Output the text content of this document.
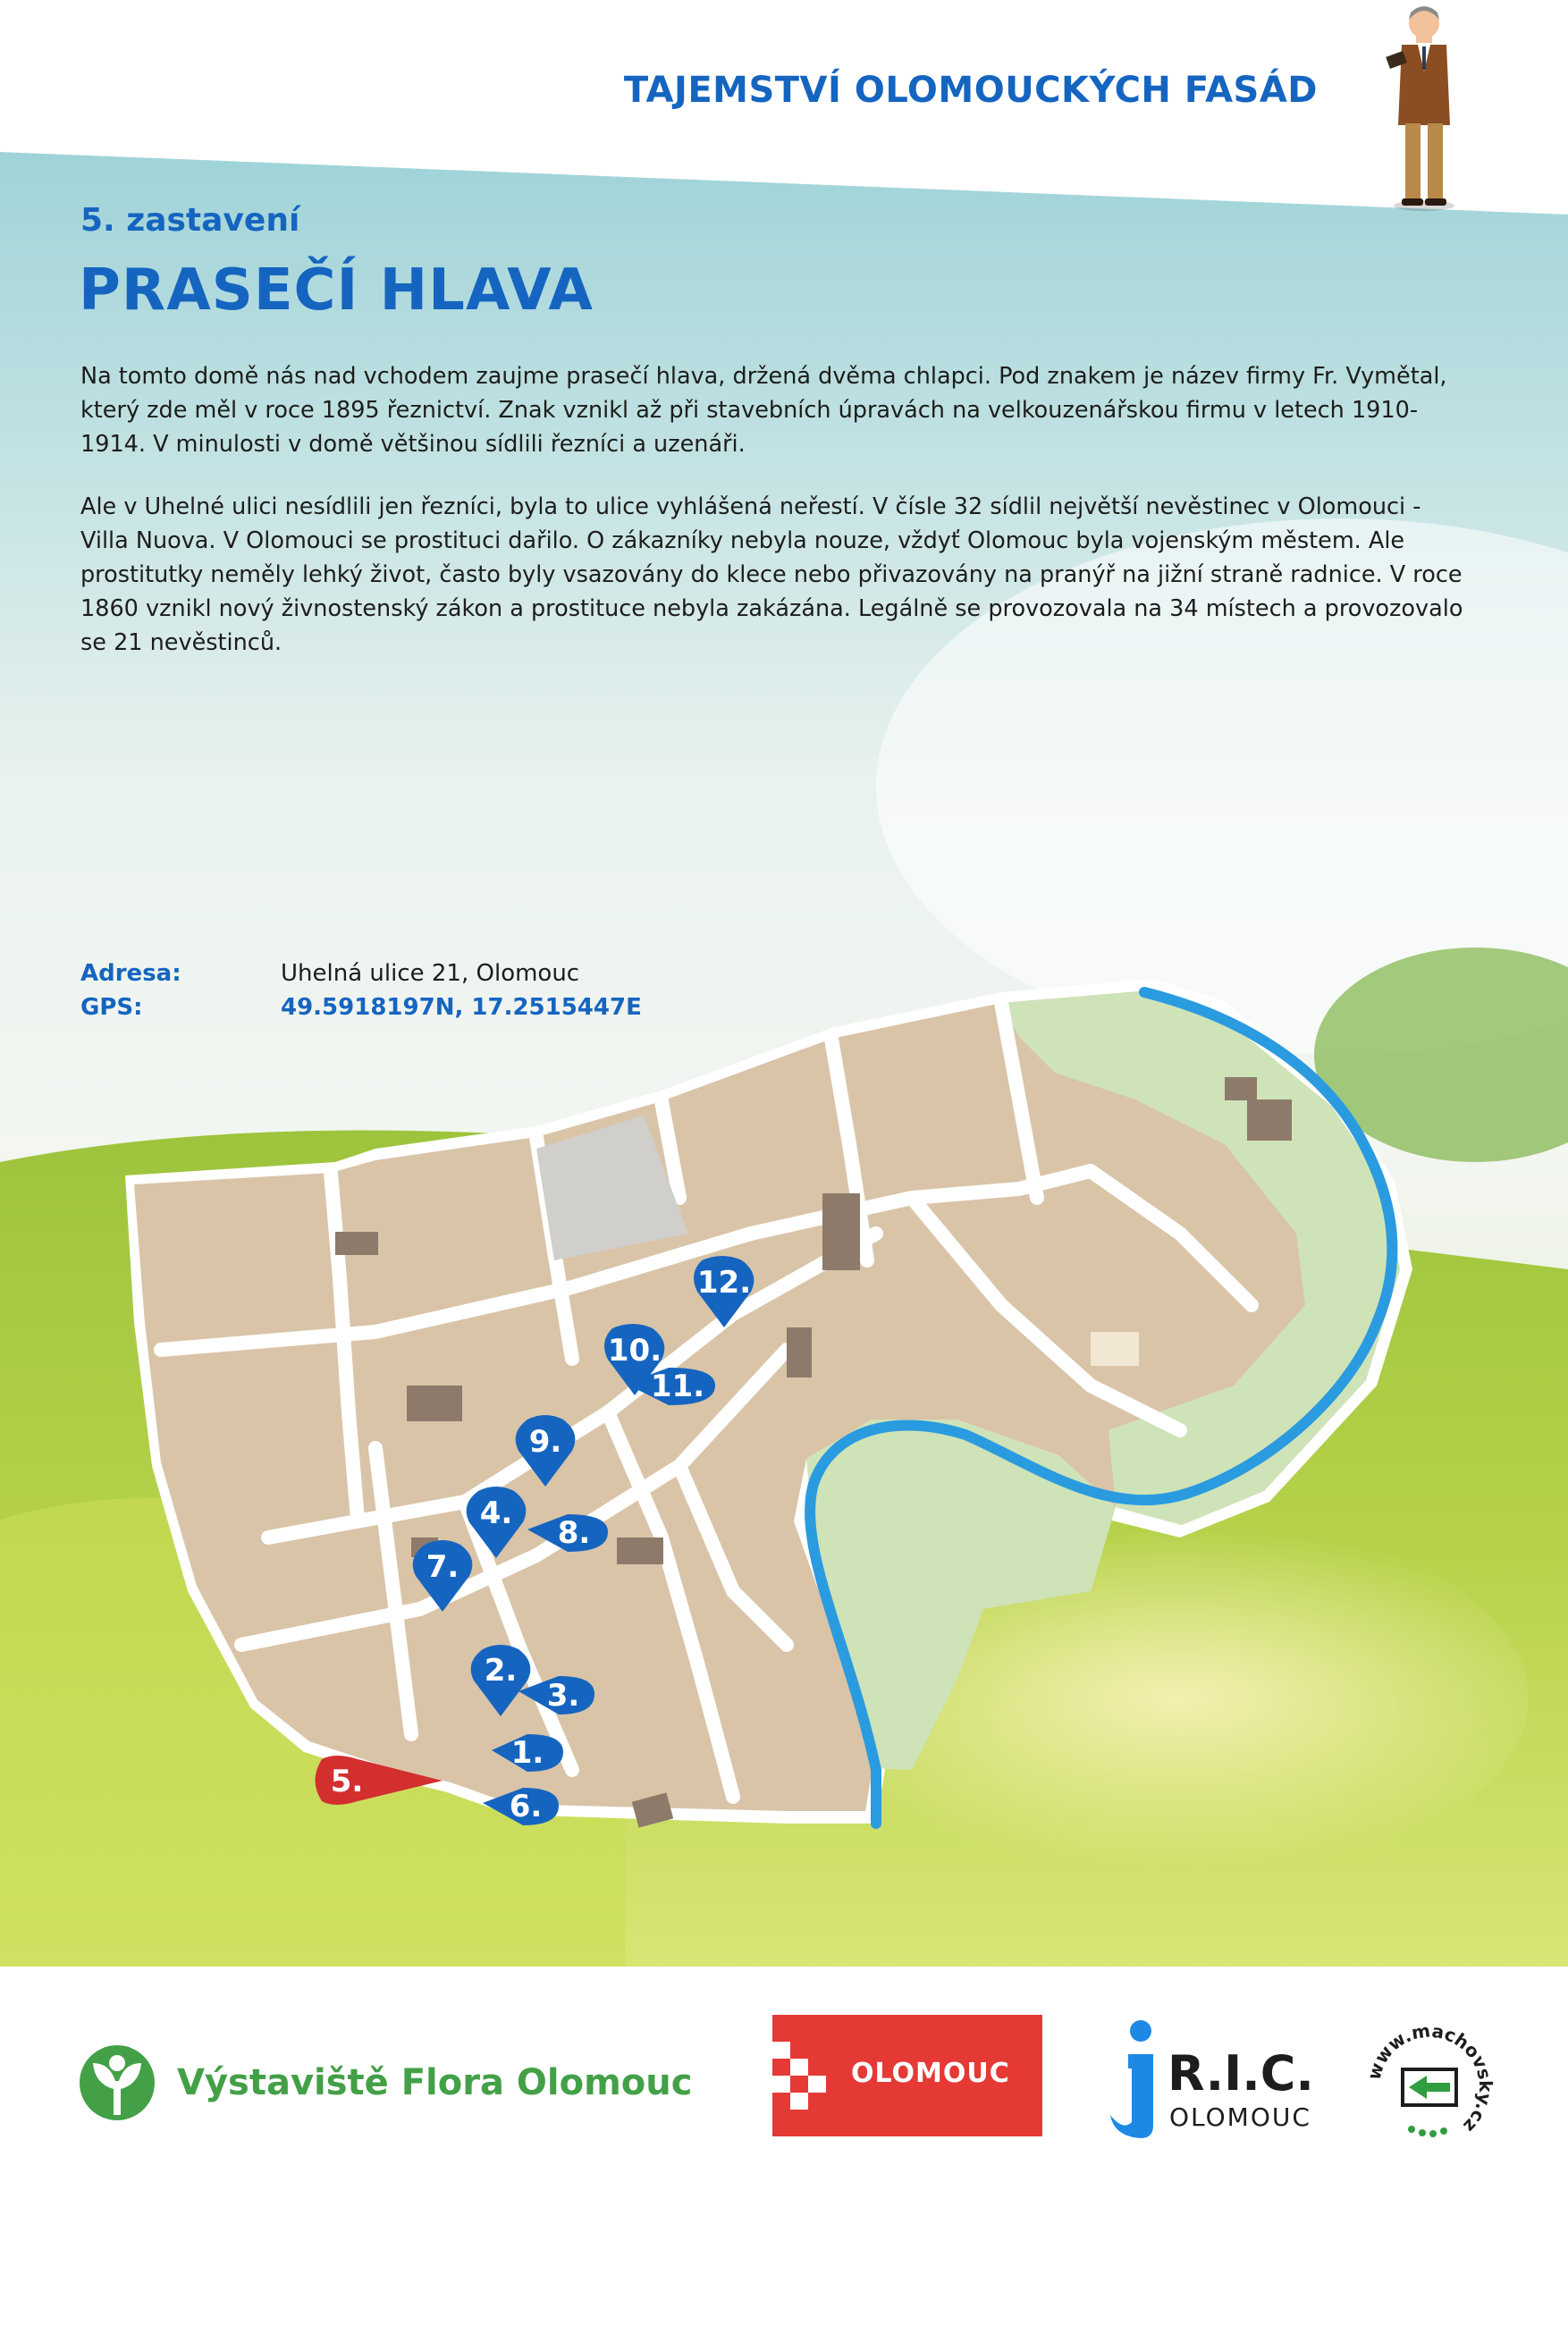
TAJEMSTVÍ OLOMOUCKÝCH FASÁD
5. zastavení
PRASEČÍ HLAVA

Na tomto domě nás nad vchodem zaujme prasečí hlava, držená dvěma chlapci. Pod znakem je název firmy Fr. Vymětal, který zde měl v roce 1895 řeznictví. Znak vznikl až při stavebních úpravách na velkouzenářskou firmu v letech 1910-1914. V minulosti v domě většinou sídlili řezníci a uzenáři.

Ale v Uhelné ulici nesídlili jen řezníci, byla to ulice vyhlášená neřestí. V čísle 32 sídlil největší nevěstinec v Olomouci - Villa Nuova. V Olomouci se prostituci dařilo. O zákazníky nebyla nouze, vždyť Olomouc byla vojenským městem. Ale prostitutky neměly lehký život, často byly vsazovány do klece nebo přivazovány na pranýř na jižní straně radnice. V roce 1860 vznikl nový živnostenský zákon a prostituce nebyla zakázána. Legálně se provozovala na 34 místech a provozovalo se 21 nevěstinců.

1.
2.
3.
4.
5.
6.
7.
8.
9.
10.
11.
12.
Adresa:	Uhelná ulice 21, Olomouc
GPS:	49.5918197N, 17.2515447E
Výstaviště Flora Olomouc	OLOMOUC	R.I.C.
OLOMOUC
www.machovsky.cz
